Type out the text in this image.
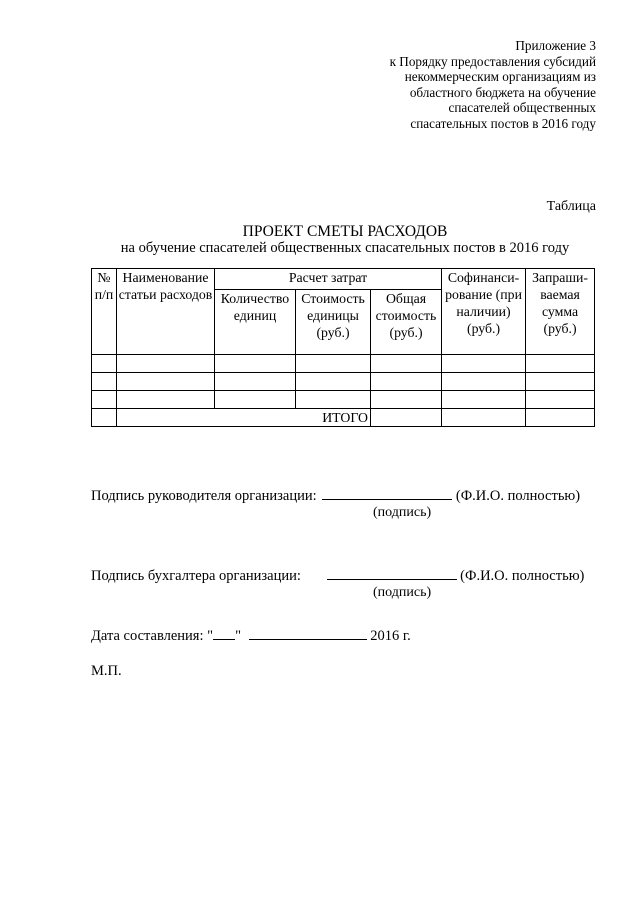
Приложение 3
к Порядку предоставления субсидий
некоммерческим организациям из
областного бюджета на обучение
спасателей общественных
спасательных постов в 2016 году
Таблица
ПРОЕКТ СМЕТЫ РАСХОДОВ
на обучение спасателей общественных спасательных постов в 2016 году
№ п/п	Наименование статьи расходов	Расчет затрат			Софинанси-рование (при наличии) (руб.)	Запраши-ваемая сумма (руб.)
		Количество единиц	Стоимость единицы (руб.)	Общая стоимость (руб.)		

	ИТОГО					
Подпись руководителя организации:	(Ф.И.О. полностью)
(подпись)
Подпись бухгалтера организации:	(Ф.И.О. полностью)
(подпись)
Дата составления: " "	2016 г.
М.П.
